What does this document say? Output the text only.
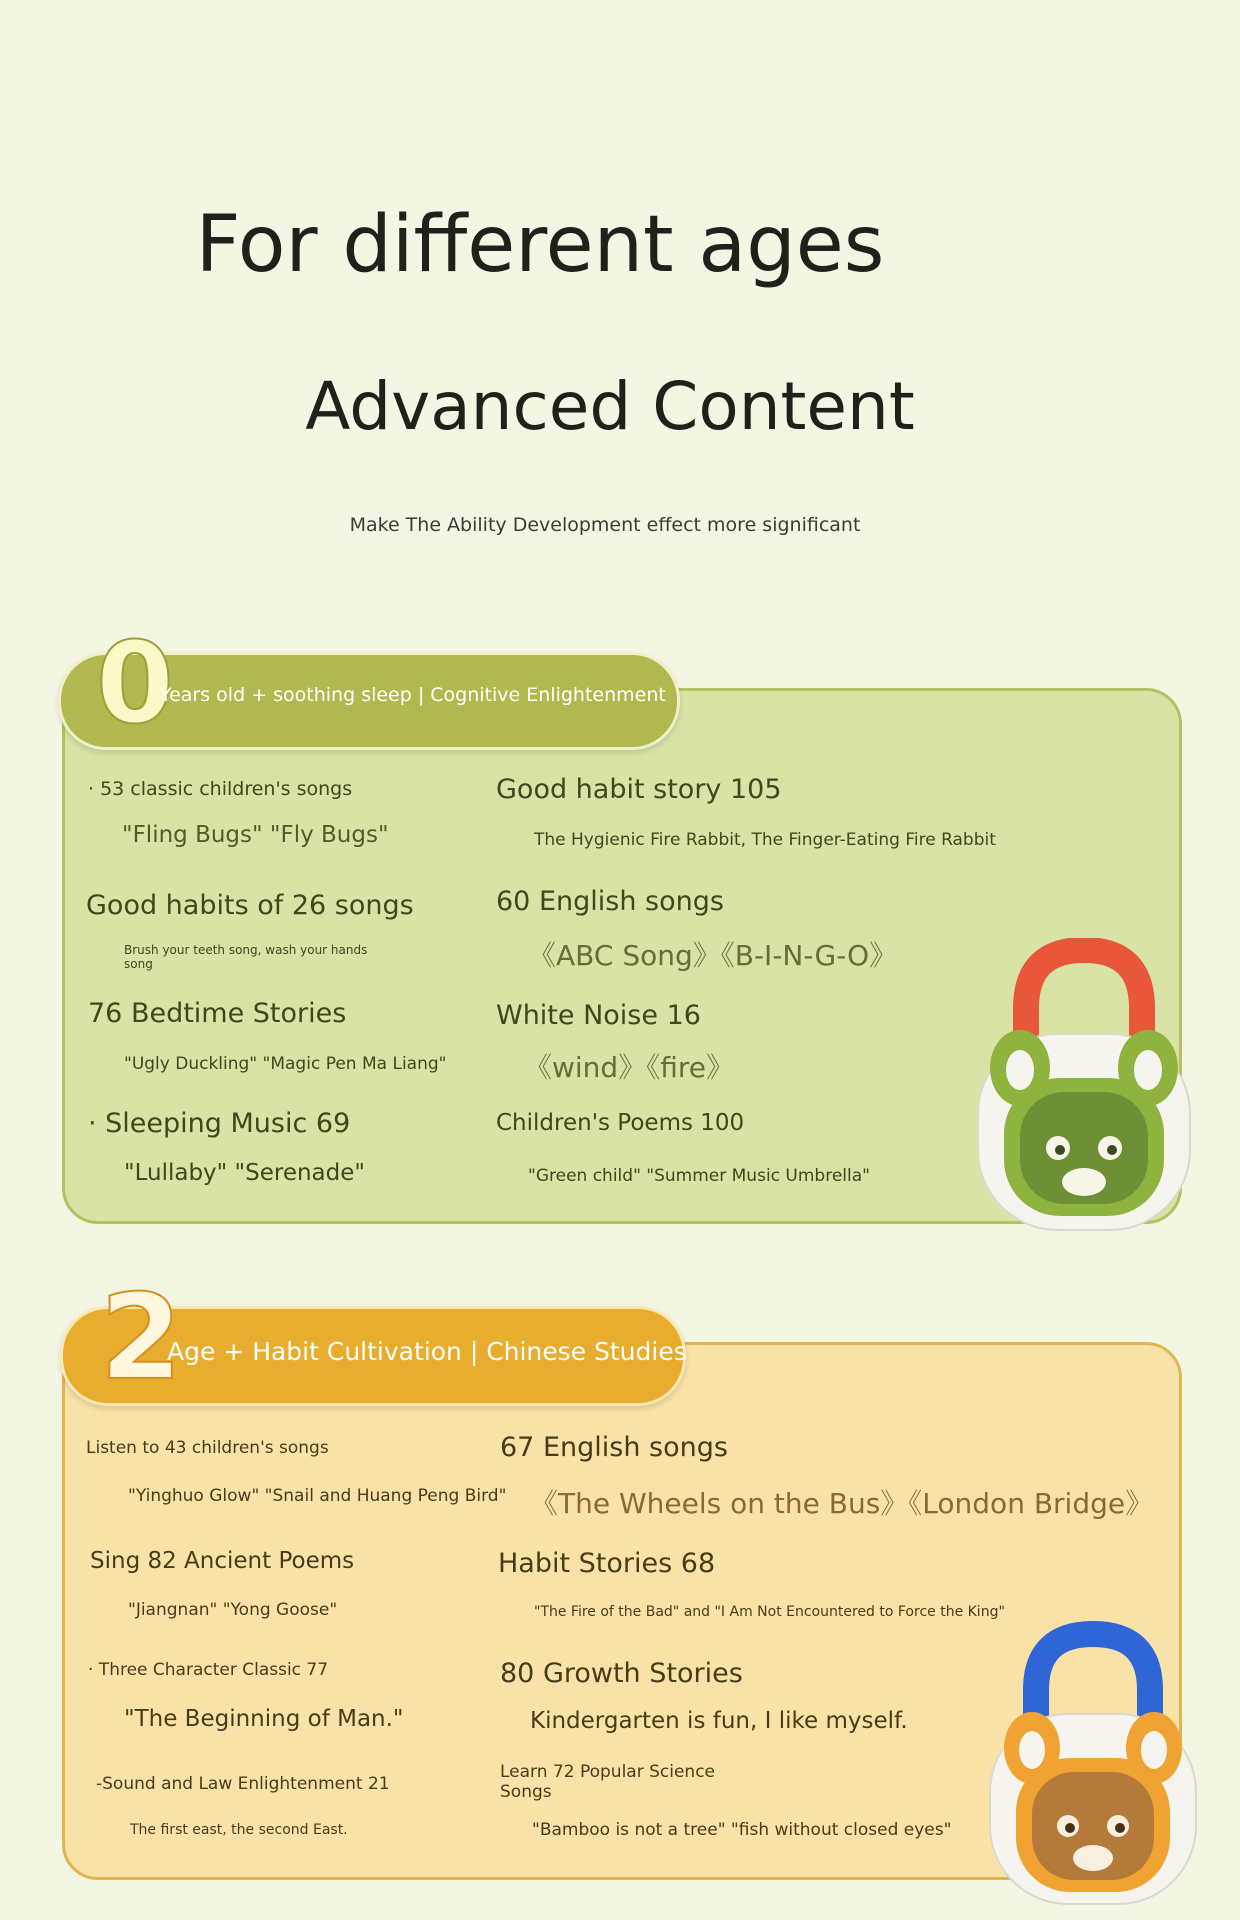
For different ages
Advanced Content
Make The Ability Development effect more significant
0
Years old + soothing sleep | Cognitive Enlightenment
· 53 classic children's songs
"Fling Bugs" "Fly Bugs"
Good habits of 26 songs
Brush your teeth song, wash your hands song
76 Bedtime Stories
"Ugly Duckling" "Magic Pen Ma Liang"
· Sleeping Music 69
"Lullaby" "Serenade"
Good habit story 105
The Hygienic Fire Rabbit, The Finger-Eating Fire Rabbit
60 English songs
《ABC Song》《B-I-N-G-O》
White Noise 16
《wind》《fire》
Children's Poems 100
"Green child" "Summer Music Umbrella"
2
Age + Habit Cultivation | Chinese Studies
Listen to 43 children's songs
"Yinghuo Glow" "Snail and Huang Peng Bird"
Sing 82 Ancient Poems
"Jiangnan" "Yong Goose"
· Three Character Classic 77
"The Beginning of Man."
-Sound and Law Enlightenment 21
The first east, the second East.
67 English songs
《The Wheels on the Bus》《London Bridge》
Habit Stories 68
"The Fire of the Bad" and "I Am Not Encountered to Force the King"
80 Growth Stories
Kindergarten is fun, I like myself.
Learn 72 Popular Science Songs
"Bamboo is not a tree" "fish without closed eyes"
